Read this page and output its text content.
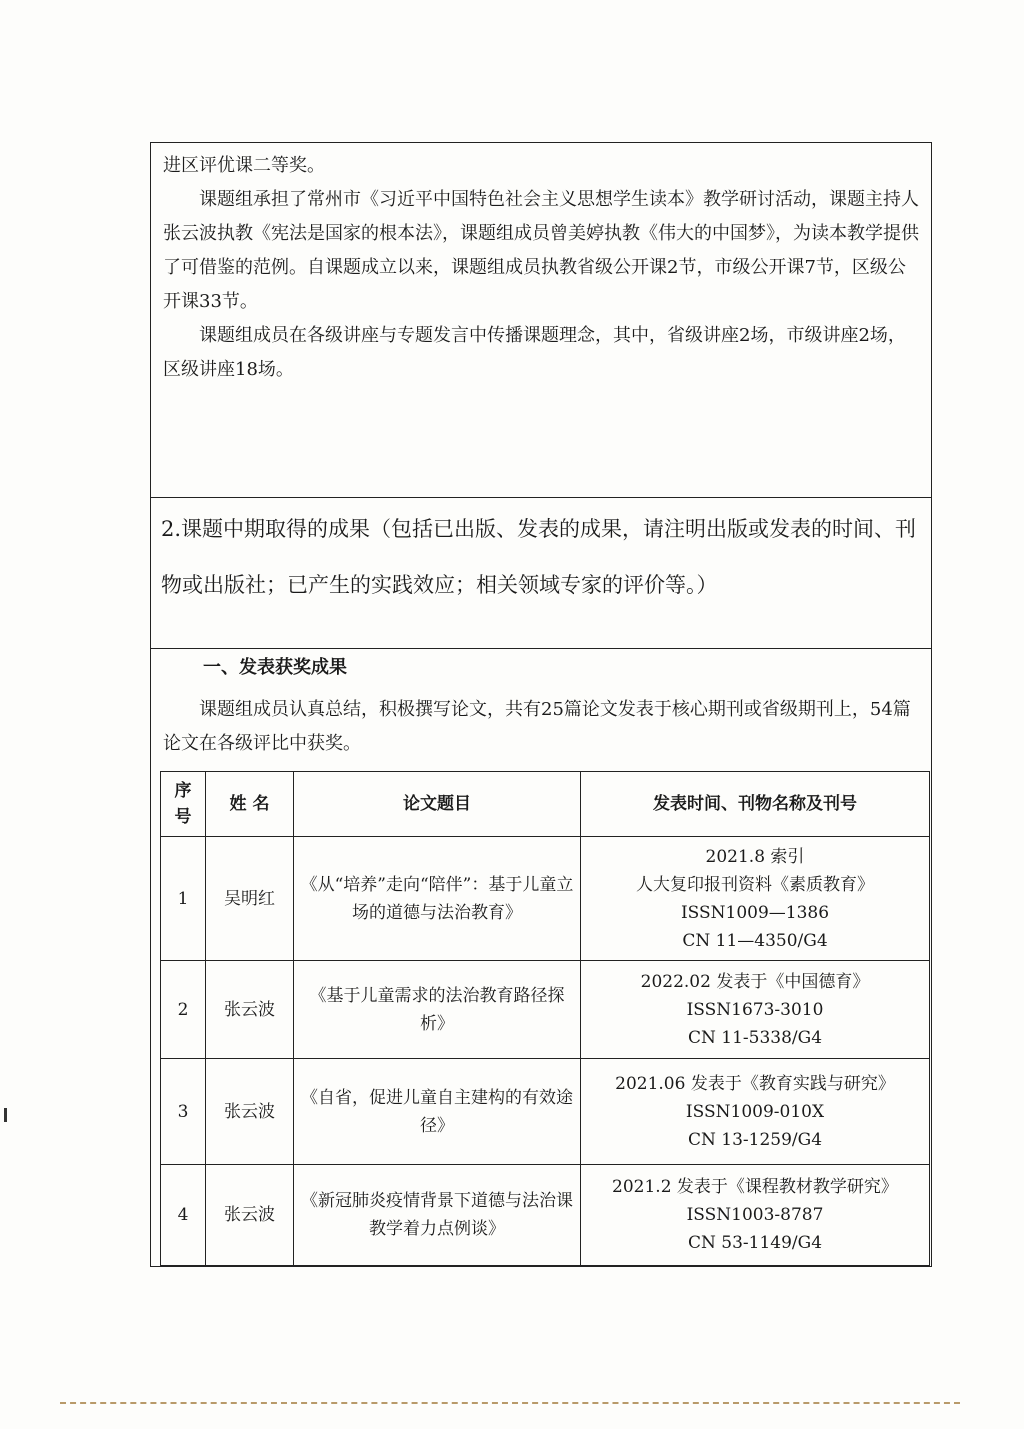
进区评优课二等奖。

课题组承担了常州市《习近平中国特色社会主义思想学生读本》教学研讨活动，课题主持人张云波执教《宪法是国家的根本法》，课题组成员曾美婷执教《伟大的中国梦》，为读本教学提供了可借鉴的范例。自课题成立以来，课题组成员执教省级公开课2节，市级公开课7节，区级公开课33节。

课题组成员在各级讲座与专题发言中传播课题理念，其中，省级讲座2场，市级讲座2场，区级讲座18场。

2.课题中期取得的成果（包括已出版、发表的成果，请注明出版或发表的时间、刊物或出版社；已产生的实践效应；相关领域专家的评价等。）

一、发表获奖成果

课题组成员认真总结，积极撰写论文，共有25篇论文发表于核心期刊或省级期刊上，54篇论文在各级评比中获奖。

序号	姓 名	论文题目	发表时间、刊物名称及刊号
1	吴明红	《从“培养”走向“陪伴”：基于儿童立场的道德与法治教育》	2021.8 索引
人大复印报刊资料《素质教育》
ISSN1009—1386
CN 11—4350/G4

2	张云波	《基于儿童需求的法治教育路径探析》	2022.02 发表于《中国德育》
ISSN1673-3010
CN 11-5338/G4

3	张云波	《自省，促进儿童自主建构的有效途径》	2021.06 发表于《教育实践与研究》
ISSN1009-010X
CN 13-1259/G4

4	张云波	《新冠肺炎疫情背景下道德与法治课教学着力点例谈》	2021.2 发表于《课程教材教学研究》
ISSN1003-8787
CN 53-1149/G4
